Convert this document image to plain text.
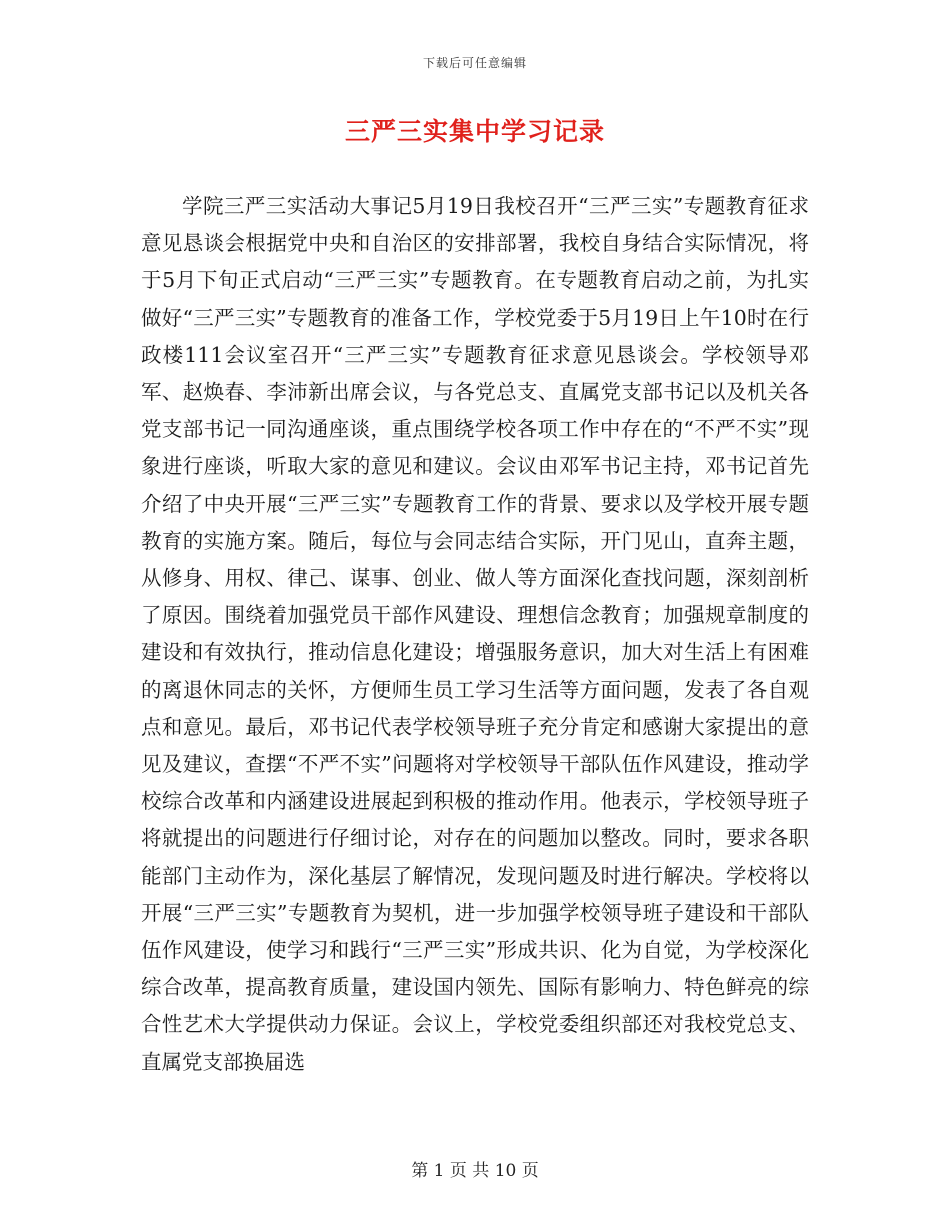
下载后可任意编辑
三严三实集中学习记录

学院三严三实活动大事记5月19日我校召开“三严三实”专题教育征求意见恳谈会根据党中央和自治区的安排部署，我校自身结合实际情况，将于5月下旬正式启动“三严三实”专题教育。在专题教育启动之前，为扎实做好“三严三实”专题教育的准备工作，学校党委于5月19日上午10时在行政楼111会议室召开“三严三实”专题教育征求意见恳谈会。学校领导邓军、赵焕春、李沛新出席会议，与各党总支、直属党支部书记以及机关各党支部书记一同沟通座谈，重点围绕学校各项工作中存在的“不严不实”现象进行座谈，听取大家的意见和建议。会议由邓军书记主持，邓书记首先介绍了中央开展“三严三实”专题教育工作的背景、要求以及学校开展专题教育的实施方案。随后，每位与会同志结合实际，开门见山，直奔主题，从修身、用权、律己、谋事、创业、做人等方面深化查找问题，深刻剖析了原因。围绕着加强党员干部作风建设、理想信念教育；加强规章制度的建设和有效执行，推动信息化建设；增强服务意识，加大对生活上有困难的离退休同志的关怀，方便师生员工学习生活等方面问题，发表了各自观点和意见。最后，邓书记代表学校领导班子充分肯定和感谢大家提出的意见及建议，查摆“不严不实”问题将对学校领导干部队伍作风建设，推动学校综合改革和内涵建设进展起到积极的推动作用。他表示，学校领导班子将就提出的问题进行仔细讨论，对存在的问题加以整改。同时，要求各职能部门主动作为，深化基层了解情况，发现问题及时进行解决。学校将以开展“三严三实”专题教育为契机，进一步加强学校领导班子建设和干部队伍作风建设，使学习和践行“三严三实”形成共识、化为自觉，为学校深化综合改革，提高教育质量，建设国内领先、国际有影响力、特色鲜亮的综合性艺术大学提供动力保证。会议上，学校党委组织部还对我校党总支、直属党支部换届选

第 1 页 共 10 页
